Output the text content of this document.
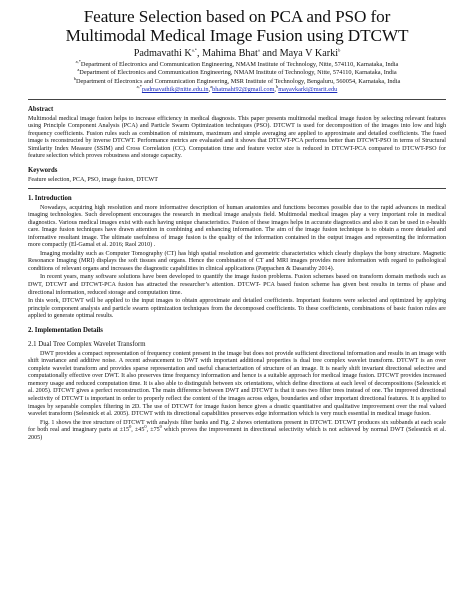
Feature Selection based on PCA and PSO for
Multimodal Medical Image Fusion using DTCWT
Padmavathi $K^{a,*}$, Mahima Bhat$^a$ and Maya V Karki$^b$
$^{a,*}$Department of Electronics and Communication Engineering, NMAM Institute of Technology, Nitte, 574110, Karnataka, India
$^a$Department of Electronics and Communication Engineering, NMAM Institute of Technology, Nitte, 574110, Karnataka, India
$^b$Department of Electronics and Communication Engineering, MSR Institute of Technology, Bengaluru, 560054, Karnataka, India
$^{a,*}$padmavathik@nitte.edu.in,$^a$bhatmahi92@gmail.com,$^b$mayavkarki@msrit.edu
Abstract

Multimodal medical image fusion helps to increase efficiency in medical diagnosis. This paper presents multimodal medical image fusion by selecting relevant features using Principle Component Analysis (PCA) and Particle Swarm Optimization techniques (PSO). DTCWT is used for decomposition of the images into low and high frequency coefficients. Fusion rules such as combination of minimum, maximum and simple averaging are applied to approximate and detailed coefficients. The fused image is reconstructed by inverse DTCWT. Performance metrics are evaluated and it shows that DTCWT-PCA performs better than DTCWT-PSO in terms of Structural Similarity Index Measure (SSIM) and Cross Correlation (CC). Computation time and feature vector size is reduced in DTCWT-PCA compared to DTCWT-PSO for feature selection which proves robustness and storage capacity.

Keywords

Feature selection, PCA, PSO, image fusion, DTCWT

1. Introduction

Nowadays, acquiring high resolution and more informative description of human anatomies and functions becomes possible due to the rapid advances in medical imaging technologies. Such development encourages the research in medical image analysis field. Multimodal medical images play a very important role in medical diagnostics. Various medical images exist with each having unique characteristics. Fusion of these images helps in accurate diagnostics and also it can be used in e-health care. Image fusion techniques have drawn attention in combining and enhancing information. The aim of the image fusion technique is to obtain a more detailed and informative resultant image. The ultimate usefulness of image fusion is the quality of the information contained in the output images and representing the information more compactly (El-Gamal et al. 2016; Raol 2010) .

Imaging modality such as Computer Tomography (CT) has high spatial resolution and geometric characteristics which clearly displays the bony structure. Magnetic Resonance Imaging (MRI) displays the soft tissues and organs. Hence the combination of CT and MRI images provides more information with regard to pathological conditions of relevant organs and increases the diagnostic capabilities in clinical applications (Pappachen & Dasarathy 2014).

In recent years, many software solutions have been developed to quantify the image fusion problems. Fusion schemes based on transform domain methods such as DWT, DTCWT and DTCWT-PCA fusion has attracted the researcher’s attention. DTCWT- PCA based fusion scheme has given best results in terms of phase and directional information, reduced storage and computation time.

In this work, DTCWT will be applied to the input images to obtain approximate and detailed coefficients. Important features were selected and optimized by applying principle component analysis and particle swarm optimization techniques from the decomposed coefficients. To these coefficients, combinations of basic fusion rules are applied to generate optimal results.

2. Implementation Details
2.1 Dual Tree Complex Wavelet Transform

DWT provides a compact representation of frequency content present in the image but does not provide sufficient directional information and results in an image with shift invariance and additive noise. A recent advancement to DWT with important additional properties is dual tree complex wavelet transform. DTCWT is an over complete wavelet transform and provides sparse representation and useful characterization of structure of an image. It is nearly shift invariant directional selective and computationally effective over DWT. It also preserves time frequency information and hence is a suitable approach for medical image fusion. DTCWT provides increased memory usage and reduced computation time. It is also able to distinguish between six orientations, which define directions at each level of decompositions (Selesnick et al. 2005). DTCWT gives a perfect reconstruction. The main difference between DWT and DTCWT is that it uses two filter trees instead of one. The improved directional selectivity of DTCWT is important in order to properly reflect the content of the images across edges, boundaries and other important directional features. It is applied to images by separable complex filtering in 2D. The use of DTCWT for image fusion hence gives a drastic quantitative and qualitative improvement over the real valued wavelet transform (Selesnick et al. 2005). DTCWT with its directional capabilities preserves edge information which is very much essential in medical image fusion.

Fig. 1 shows the tree structure of DTCWT with analysis filter banks and Fig. 2 shows orientations present in DTCWT. DTCWT produces six subbands at each scale for both real and imaginary parts at $\pm 15^0$, $\pm 45^0$, $\pm 75^0$ which proves the improvement in directional selectivity which is not achieved by normal DWT (Selesnick et al. 2005)
